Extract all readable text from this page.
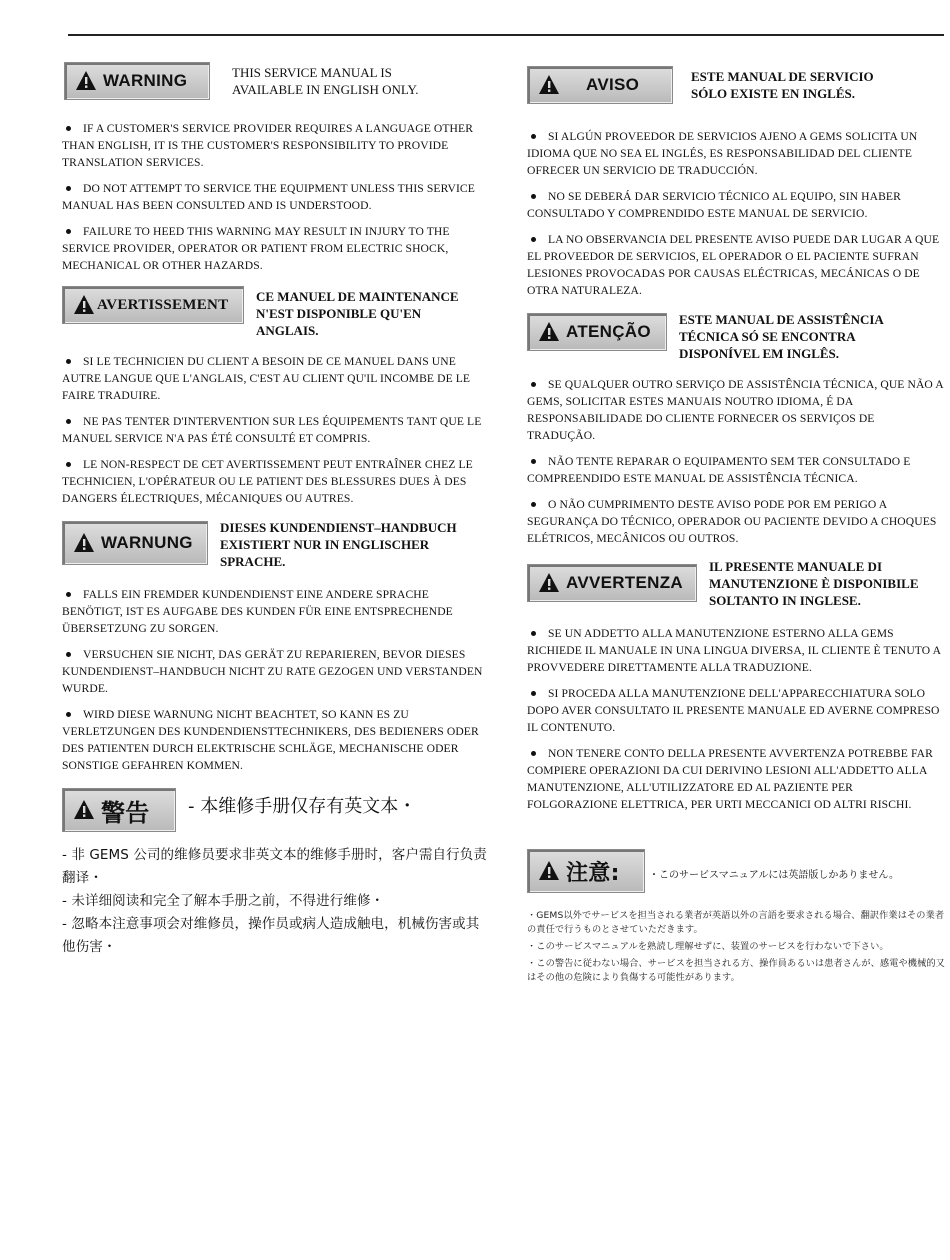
WARNING	THIS SERVICE MANUAL IS AVAILABLE IN ENGLISH ONLY.
IF A CUSTOMER'S SERVICE PROVIDER REQUIRES A LANGUAGE OTHER THAN ENGLISH, IT IS THE CUSTOMER'S RESPONSIBILITY TO PROVIDE TRANSLATION SERVICES.
DO NOT ATTEMPT TO SERVICE THE EQUIPMENT UNLESS THIS SERVICE MANUAL HAS BEEN CONSULTED AND IS UNDERSTOOD.
FAILURE TO HEED THIS WARNING MAY RESULT IN INJURY TO THE SERVICE PROVIDER, OPERATOR OR PATIENT FROM ELECTRIC SHOCK, MECHANICAL OR OTHER HAZARDS.
AVERTISSEMENT CE MANUEL DE MAINTENANCE N'EST DISPONIBLE QU'EN ANGLAIS.
SI LE TECHNICIEN DU CLIENT A BESOIN DE CE MANUEL DANS UNE AUTRE LANGUE QUE L'ANGLAIS, C'EST AU CLIENT QU'IL INCOMBE DE LE FAIRE TRADUIRE.
NE PAS TENTER D'INTERVENTION SUR LES ÉQUIPEMENTS TANT QUE LE MANUEL SERVICE N'A PAS ÉTÉ CONSULTÉ ET COMPRIS.
LE NON-RESPECT DE CET AVERTISSEMENT PEUT ENTRAÎNER CHEZ LE TECHNICIEN, L'OPÉRATEUR OU LE PATIENT DES BLESSURES DUES À DES DANGERS ÉLECTRIQUES, MÉCANIQUES OU AUTRES.
WARNUNG
DIESES KUNDENDIENST–HANDBUCH EXISTIERT NUR IN ENGLISCHER SPRACHE.
FALLS EIN FREMDER KUNDENDIENST EINE ANDERE SPRACHE BENÖTIGT, IST ES AUFGABE DES KUNDEN FÜR EINE ENTSPRECHENDE ÜBERSETZUNG ZU SORGEN.
VERSUCHEN SIE NICHT, DAS GERÄT ZU REPARIEREN, BEVOR DIESES KUNDENDIENST–HANDBUCH NICHT ZU RATE GEZOGEN UND VERSTANDEN WURDE.
WIRD DIESE WARNUNG NICHT BEACHTET, SO KANN ES ZU VERLETZUNGEN DES KUNDENDIENSTTECHNIKERS, DES BEDIENERS ODER DES PATIENTEN DURCH ELEKTRISCHE SCHLÄGE, MECHANISCHE ODER SONSTIGE GEFAHREN KOMMEN.
警告 - 本维修手册仅存有英文本・
- 非 GEMS 公司的维修员要求非英文本的维修手册时，客户需自行负责翻译・
- 未详细阅读和完全了解本手册之前，不得进行维修・
- 忽略本注意事项会对维修员，操作员或病人造成触电，机械伤害或其他伤害・
AVISO	ESTE MANUAL DE SERVICIO SÓLO EXISTE EN INGLÉS.
SI ALGÚN PROVEEDOR DE SERVICIOS AJENO A GEMS SOLICITA UN IDIOMA QUE NO SEA EL INGLÉS, ES RESPONSABILIDAD DEL CLIENTE OFRECER UN SERVICIO DE TRADUCCIÓN.
NO SE DEBERÁ DAR SERVICIO TÉCNICO AL EQUIPO, SIN HABER CONSULTADO Y COMPRENDIDO ESTE MANUAL DE SERVICIO.
LA NO OBSERVANCIA DEL PRESENTE AVISO PUEDE DAR LUGAR A QUE EL PROVEEDOR DE SERVICIOS, EL OPERADOR O EL PACIENTE SUFRAN LESIONES PROVOCADAS POR CAUSAS ELÉCTRICAS, MECÁNICAS O DE OTRA NATURALEZA.
ATENÇÃO
ESTE MANUAL DE ASSISTÊNCIA TÉCNICA SÓ SE ENCONTRA DISPONÍVEL EM INGLÊS.
SE QUALQUER OUTRO SERVIÇO DE ASSISTÊNCIA TÉCNICA, QUE NÃO A GEMS, SOLICITAR ESTES MANUAIS NOUTRO IDIOMA, É DA RESPONSABILIDADE DO CLIENTE FORNECER OS SERVIÇOS DE TRADUÇÃO.
NÃO TENTE REPARAR O EQUIPAMENTO SEM TER CONSULTADO E COMPREENDIDO ESTE MANUAL DE ASSISTÊNCIA TÉCNICA.
O NÃO CUMPRIMENTO DESTE AVISO PODE POR EM PERIGO A SEGURANÇA DO TÉCNICO, OPERADOR OU PACIENTE DEVIDO A CHOQUES ELÉTRICOS, MECÂNICOS OU OUTROS.
AVVERTENZA
IL PRESENTE MANUALE DI MANUTENZIONE È DISPONIBILE SOLTANTO IN INGLESE.
SE UN ADDETTO ALLA MANUTENZIONE ESTERNO ALLA GEMS RICHIEDE IL MANUALE IN UNA LINGUA DIVERSA, IL CLIENTE È TENUTO A PROVVEDERE DIRETTAMENTE ALLA TRADUZIONE.
SI PROCEDA ALLA MANUTENZIONE DELL'APPARECCHIATURA SOLO DOPO AVER CONSULTATO IL PRESENTE MANUALE ED AVERNE COMPRESO IL CONTENUTO.
NON TENERE CONTO DELLA PRESENTE AVVERTENZA POTREBBE FAR COMPIERE OPERAZIONI DA CUI DERIVINO LESIONI ALL'ADDETTO ALLA MANUTENZIONE, ALL'UTILIZZATORE ED AL PAZIENTE PER FOLGORAZIONE ELETTRICA, PER URTI MECCANICI OD ALTRI RISCHI.
注意:	・このサービスマニュアルには英語版しかありません。
・GEMS以外でサービスを担当される業者が英語以外の言語を要求される場合、翻訳作業はその業者の責任で行うものとさせていただきます。
・このサービスマニュアルを熟読し理解せずに、装置のサービスを行わないで下さい。
・この警告に従わない場合、サービスを担当される方、操作員あるいは患者さんが、感電や機械的又はその他の危険により負傷する可能性があります。
